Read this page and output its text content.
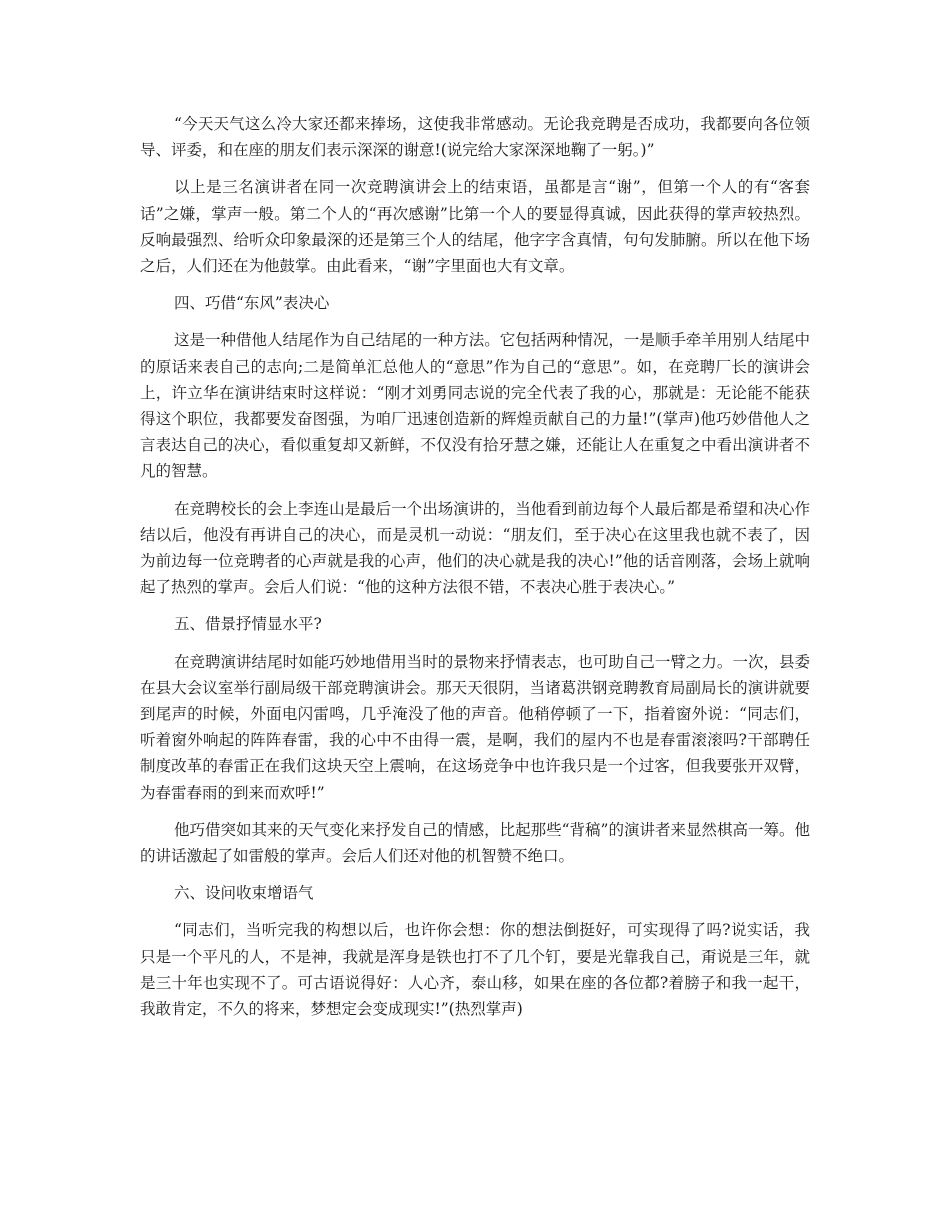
“今天天气这么冷大家还都来捧场，这使我非常感动。无论我竞聘是否成功，我都要向各位领导、评委，和在座的朋友们表示深深的谢意!(说完给大家深深地鞠了一躬。)”

以上是三名演讲者在同一次竞聘演讲会上的结束语，虽都是言“谢”，但第一个人的有“客套话”之嫌，掌声一般。第二个人的“再次感谢”比第一个人的要显得真诚，因此获得的掌声较热烈。反响最强烈、给听众印象最深的还是第三个人的结尾，他字字含真情，句句发肺腑。所以在他下场之后，人们还在为他鼓掌。由此看来，“谢”字里面也大有文章。

四、巧借“东风”表决心

这是一种借他人结尾作为自己结尾的一种方法。它包括两种情况，一是顺手牵羊用别人结尾中的原话来表自己的志向;二是简单汇总他人的“意思”作为自己的“意思”。如，在竞聘厂长的演讲会上，许立华在演讲结束时这样说：“刚才刘勇同志说的完全代表了我的心，那就是：无论能不能获得这个职位，我都要发奋图强，为咱厂迅速创造新的辉煌贡献自己的力量!”(掌声)他巧妙借他人之言表达自己的决心，看似重复却又新鲜，不仅没有拾牙慧之嫌，还能让人在重复之中看出演讲者不凡的智慧。

在竞聘校长的会上李连山是最后一个出场演讲的，当他看到前边每个人最后都是希望和决心作结以后，他没有再讲自己的决心，而是灵机一动说：“朋友们，至于决心在这里我也就不表了，因为前边每一位竞聘者的心声就是我的心声，他们的决心就是我的决心!”他的话音刚落，会场上就响起了热烈的掌声。会后人们说：“他的这种方法很不错，不表决心胜于表决心。”

五、借景抒情显水平?

在竞聘演讲结尾时如能巧妙地借用当时的景物来抒情表志，也可助自己一臂之力。一次，县委在县大会议室举行副局级干部竞聘演讲会。那天天很阴，当诸葛洪钢竞聘教育局副局长的演讲就要到尾声的时候，外面电闪雷鸣，几乎淹没了他的声音。他稍停顿了一下，指着窗外说：“同志们，听着窗外响起的阵阵春雷，我的心中不由得一震，是啊，我们的屋内不也是春雷滚滚吗?干部聘任制度改革的春雷正在我们这块天空上震响，在这场竞争中也许我只是一个过客，但我要张开双臂，为春雷春雨的到来而欢呼!”

他巧借突如其来的天气变化来抒发自己的情感，比起那些“背稿”的演讲者来显然棋高一筹。他的讲话激起了如雷般的掌声。会后人们还对他的机智赞不绝口。

六、设问收束增语气

“同志们，当听完我的构想以后，也许你会想：你的想法倒挺好，可实现得了吗?说实话，我只是一个平凡的人，不是神，我就是浑身是铁也打不了几个钉，要是光靠我自己，甭说是三年，就是三十年也实现不了。可古语说得好：人心齐，泰山移，如果在座的各位都?着膀子和我一起干，我敢肯定，不久的将来，梦想定会变成现实!”(热烈掌声)
